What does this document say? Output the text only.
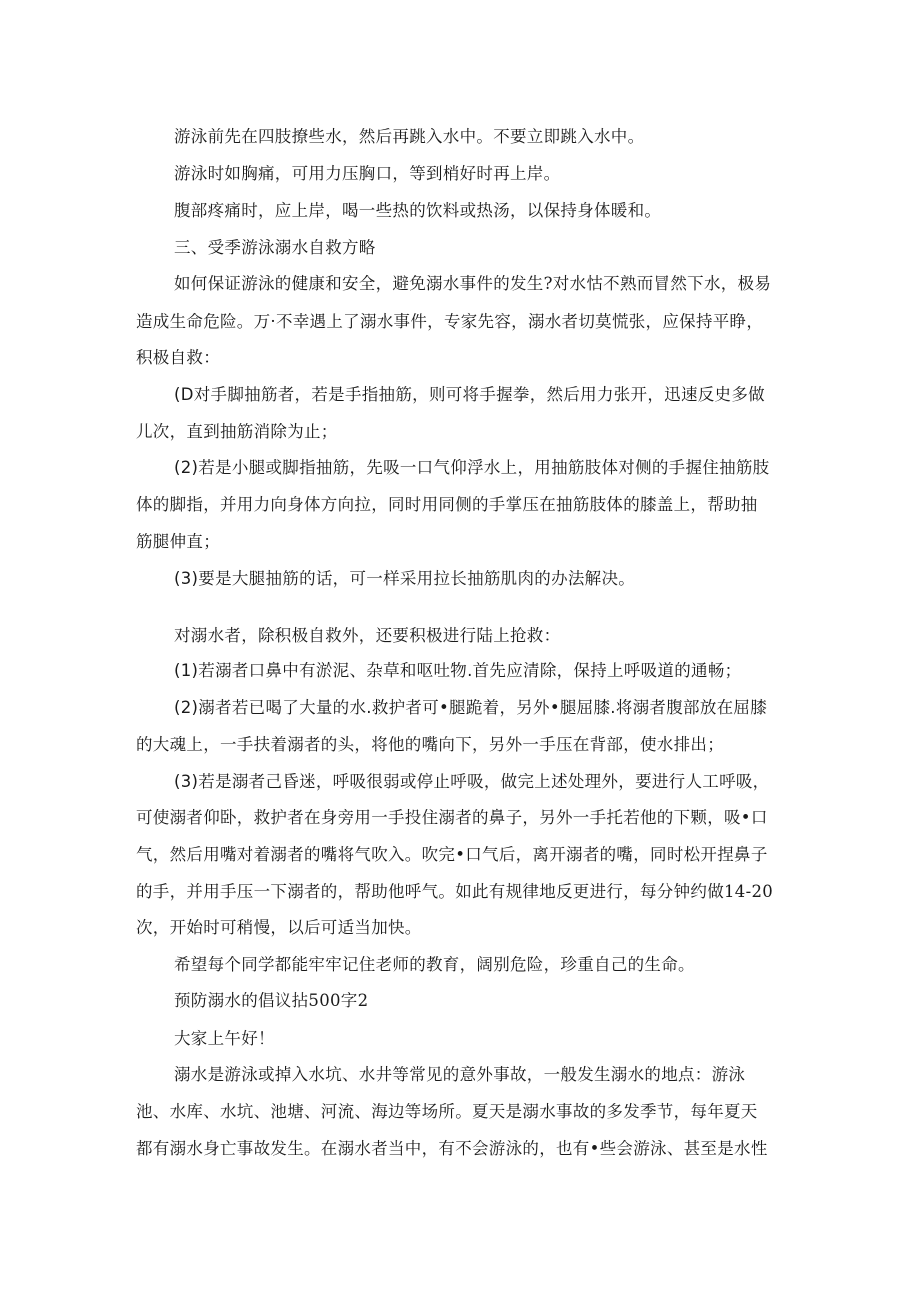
游泳前先在四肢撩些水，然后再跳入水中。不要立即跳入水中。

游泳时如胸痛，可用力压胸口，等到梢好时再上岸。

腹部疼痛时，应上岸，喝一些热的饮料或热汤，以保持身体暖和。

三、受季游泳溺水自救方略

如何保证游泳的健康和安全，避免溺水事件的发生?对水怙不熟而冒然下水，极易

造成生命危险。万·不幸遇上了溺水事件，专家先容，溺水者切莫慌张，应保持平睁，

积极自救：

(D对手脚抽筋者，若是手指抽筋，则可将手握拳，然后用力张开，迅速反史多做

儿次，直到抽筋消除为止；

(2)若是小腿或脚指抽筋，先吸一口气仰浮水上，用抽筋肢体对侧的手握住抽筋肢

体的脚指，并用力向身体方向拉，同时用同侧的手掌压在抽筋肢体的膝盖上，帮助抽

筋腿伸直；

(3)要是大腿抽筋的话，可一样采用拉长抽筋肌肉的办法解决。

对溺水者，除积极自救外，还要积极进行陆上抢救：

(1)若溺者口鼻中有淤泥、杂草和呕吐物.首先应清除，保持上呼吸道的通畅；

(2)溺者若已喝了大量的水.救护者可•腿跪着，另外•腿屈膝.将溺者腹部放在屈膝

的大魂上，一手扶着溺者的头，将他的嘴向下，另外一手压在背部，使水排出；

(3)若是溺者己昏迷，呼吸很弱或停止呼吸，做完上述处理外，要进行人工呼吸，

可使溺者仰卧，救护者在身旁用一手投住溺者的鼻子，另外一手托若他的下颗，吸•口

气，然后用嘴对着溺者的嘴将气吹入。吹完•口气后，离开溺者的嘴，同时松开捏鼻子

的手，并用手压一下溺者的，帮助他呼气。如此有规律地反更进行，每分钟约做14-20

次，开始时可稍慢，以后可适当加快。

希望每个同学都能牢牢记住老师的教育，阔别危险，珍重自己的生命。

预防溺水的倡议拈500字2

大家上午好！

溺水是游泳或掉入水坑、水井等常见的意外事故，一般发生溺水的地点：游泳

池、水库、水坑、池塘、河流、海边等场所。夏天是溺水事故的多发季节，每年夏天

都有溺水身亡事故发生。在溺水者当中，有不会游泳的，也有•些会游泳、甚至是水性
